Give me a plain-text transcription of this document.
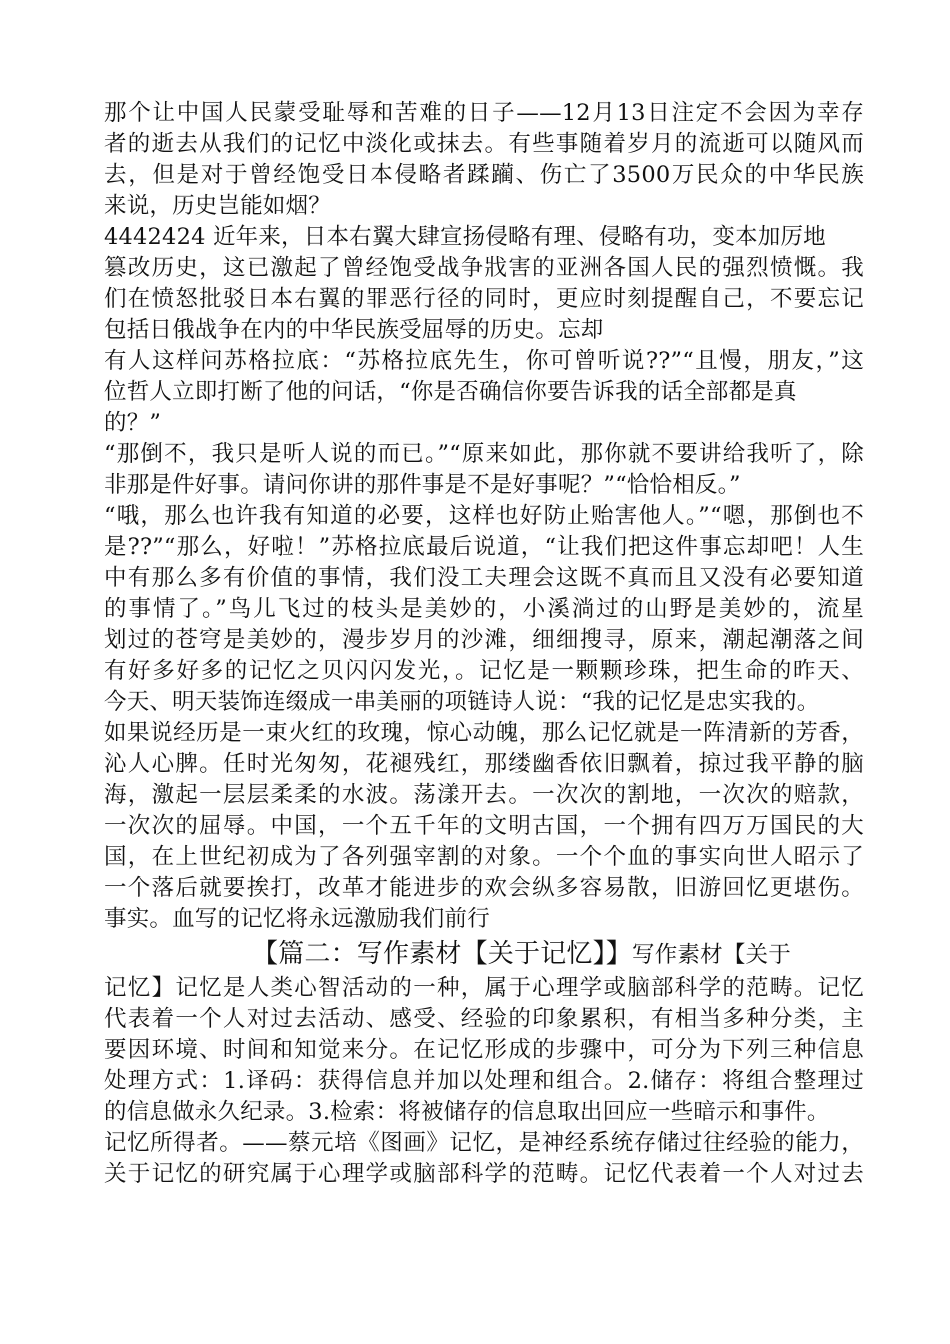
那个让中国人民蒙受耻辱和苦难的日子——12月13日注定不会因为幸存
者的逝去从我们的记忆中淡化或抹去。有些事随着岁月的流逝可以随风而
去，但是对于曾经饱受日本侵略者蹂躏、伤亡了3500万民众的中华民族
来说，历史岂能如烟？
4442424 近年来，日本右翼大肆宣扬侵略有理、侵略有功，变本加厉地
篡改历史，这已激起了曾经饱受战争戕害的亚洲各国人民的强烈愤慨。我
们在愤怒批驳日本右翼的罪恶行径的同时，更应时刻提醒自己，不要忘记
包括日俄战争在内的中华民族受屈辱的历史。忘却
有人这样问苏格拉底：“苏格拉底先生，你可曾听说??”“且慢，朋友，”这
位哲人立即打断了他的问话，“你是否确信你要告诉我的话全部都是真
的？”
“那倒不，我只是听人说的而已。”“原来如此，那你就不要讲给我听了，除
非那是件好事。请问你讲的那件事是不是好事呢？”“恰恰相反。”
“哦，那么也许我有知道的必要，这样也好防止贻害他人。”“嗯，那倒也不
是??”“那么，好啦！”苏格拉底最后说道，“让我们把这件事忘却吧！人生
中有那么多有价值的事情，我们没工夫理会这既不真而且又没有必要知道
的事情了。”鸟儿飞过的枝头是美妙的，小溪淌过的山野是美妙的，流星
划过的苍穹是美妙的，漫步岁月的沙滩，细细搜寻，原来，潮起潮落之间
有好多好多的记忆之贝闪闪发光，。记忆是一颗颗珍珠，把生命的昨天、
今天、明天装饰连缀成一串美丽的项链诗人说：“我的记忆是忠实我的。
如果说经历是一束火红的玫瑰，惊心动魄，那么记忆就是一阵清新的芳香，
沁人心脾。任时光匆匆，花褪残红，那缕幽香依旧飘着，掠过我平静的脑
海，激起一层层柔柔的水波。荡漾开去。一次次的割地，一次次的赔款，
一次次的屈辱。中国，一个五千年的文明古国，一个拥有四万万国民的大
国，在上世纪初成为了各列强宰割的对象。一个个血的事实向世人昭示了
一个落后就要挨打，改革才能进步的欢会纵多容易散，旧游回忆更堪伤。
事实。血写的记忆将永远激励我们前行
【篇二：写作素材【关于记忆】】写作素材【关于
记忆】记忆是人类心智活动的一种，属于心理学或脑部科学的范畴。记忆
代表着一个人对过去活动、感受、经验的印象累积，有相当多种分类，主
要因环境、时间和知觉来分。在记忆形成的步骤中，可分为下列三种信息
处理方式：1.译码：获得信息并加以处理和组合。2.储存：将组合整理过
的信息做永久纪录。3.检索：将被储存的信息取出回应一些暗示和事件。
记忆所得者。——蔡元培《图画》记忆，是神经系统存储过往经验的能力，
关于记忆的研究属于心理学或脑部科学的范畴。记忆代表着一个人对过去
